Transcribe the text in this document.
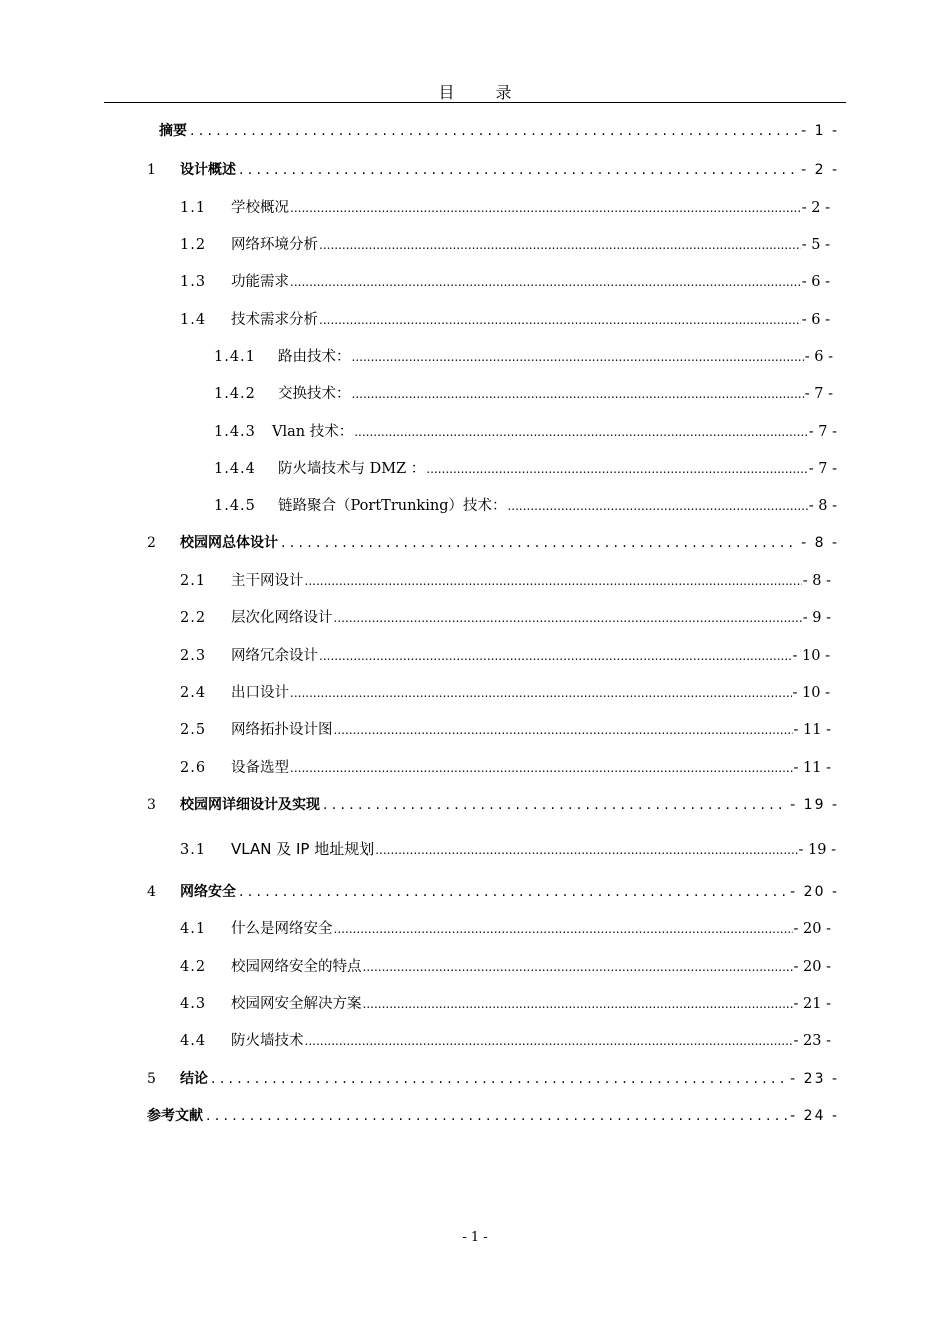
目 录
摘要 .....	- 1 -
1	设计概述 .....	- 2 -
1.1	学校概况 .....	- 2 -
1.2	网络环境分析 .....	- 5 -
1.3	功能需求 .....	- 6 -
1.4	技术需求分析 .....	- 6 -
1.4.1	路由技术： .....	- 6 -
1.4.2	交换技术： .....	- 7 -
1.4.3	Vlan 技术： .....	- 7 -
1.4.4	防火墙技术与 DMZ ： .....	- 7 -
1.4.5	链路聚合（PortTrunking）技术： .....	- 8 -
2	校园网总体设计 .....	- 8 -
2.1	主干网设计 .....	- 8 -
2.2	层次化网络设计 .....	- 9 -
2.3	网络冗余设计 .....	- 10 -
2.4	出口设计 .....	- 10 -
2.5	网络拓扑设计图 .....	- 11 -
2.6	设备选型 .....	- 11 -
3	校园网详细设计及实现 .....	- 19 -
3.1	VLAN 及 IP 地址规划 .....	- 19 -
4	网络安全 .....	- 20 -
4.1	什么是网络安全 .....	- 20 -
4.2	校园网络安全的特点 .....	- 20 -
4.3	校园网安全解决方案 .....	- 21 -
4.4	防火墙技术 .....	- 23 -
5	结论 .....	- 23 -
参考文献 .....	- 24 -
- 1 -
